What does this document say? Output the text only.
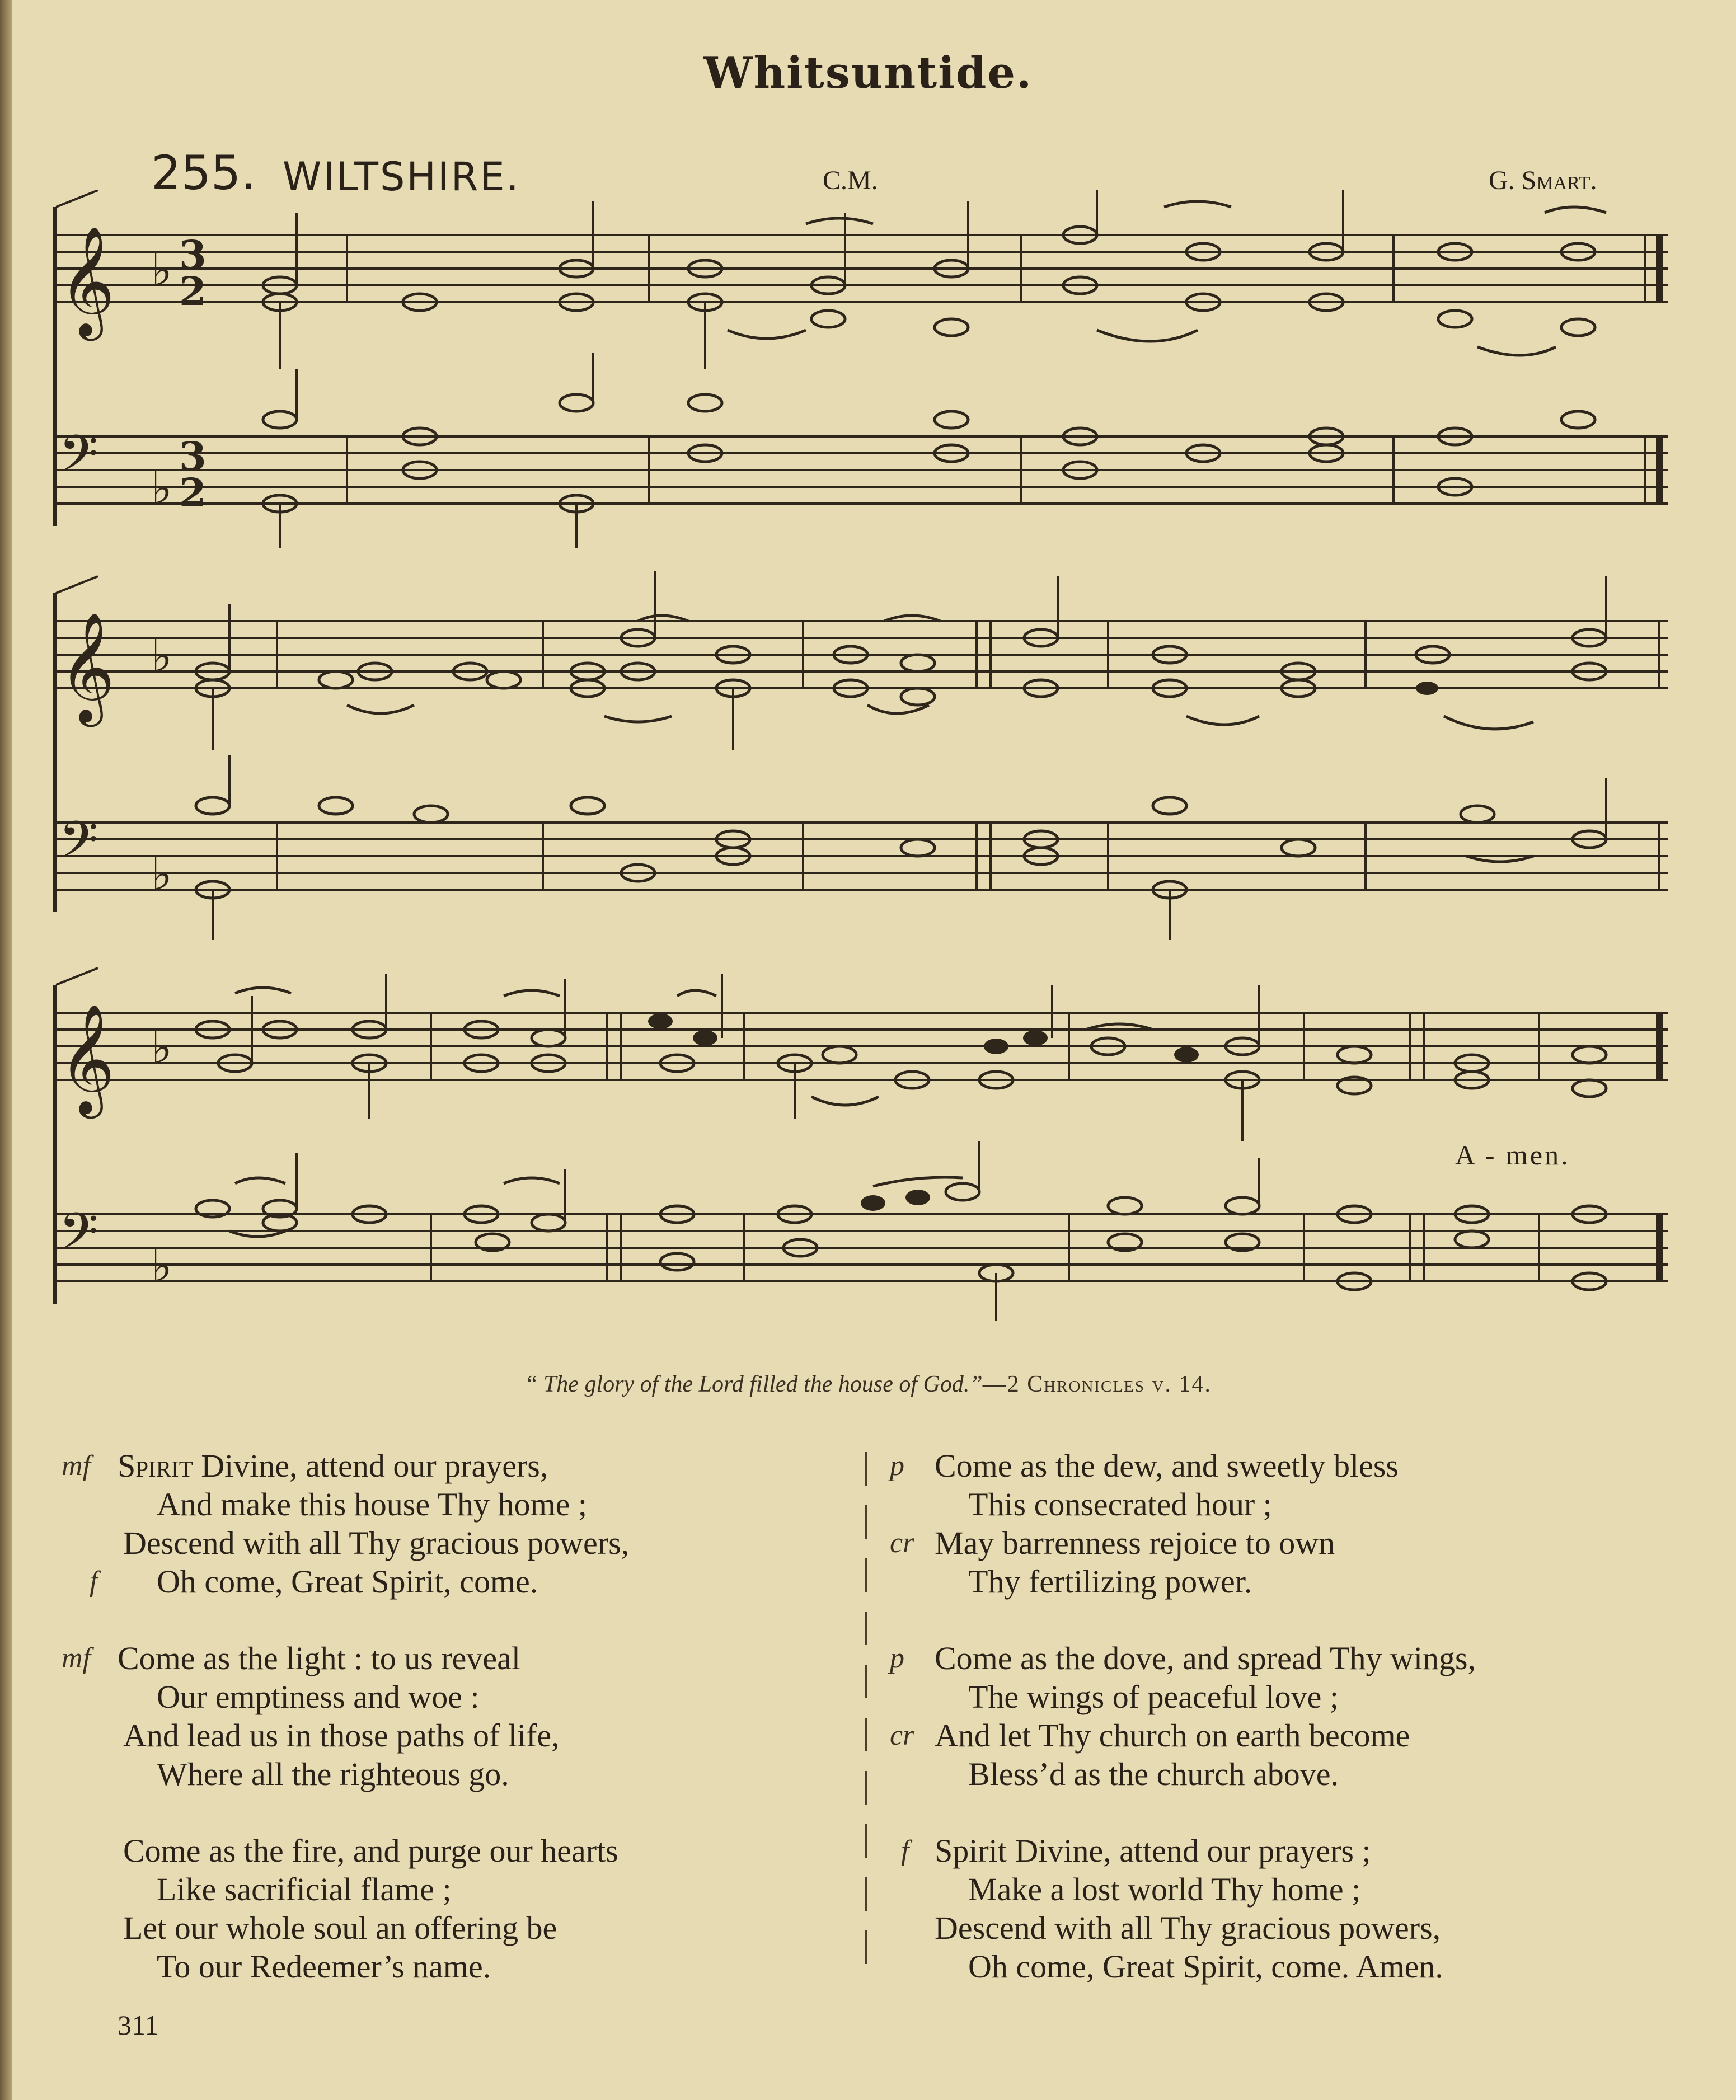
Whitsuntide.
255. WILTSHIRE.	C.M.	G. Smart.
𝄞 ♭ 3
2
𝄢 ♭
3
2
𝄞 ♭
𝄢 ♭
𝄞 ♭
𝄢 ♭
A - men.
“ The glory of the Lord filled the house of God.”—2 Chronicles v. 14.
mf Spirit Divine, attend our prayers,
And make this house Thy home ;
Descend with all Thy gracious powers,
f Oh come, Great Spirit, come.
mf Come as the light : to us reveal
Our emptiness and woe :
And lead us in those paths of life,
Where all the righteous go.
Come as the fire, and purge our hearts
Like sacrificial flame ;
Let our whole soul an offering be
To our Redeemer’s name.
p Come as the dew, and sweetly bless
This consecrated hour ;
cr May barrenness rejoice to own
Thy fertilizing power.
p Come as the dove, and spread Thy wings,
The wings of peaceful love ;
cr And let Thy church on earth become
Bless’d as the church above.
f Spirit Divine, attend our prayers ;
Make a lost world Thy home ;
Descend with all Thy gracious powers,
Oh come, Great Spirit, come. Amen.
311
